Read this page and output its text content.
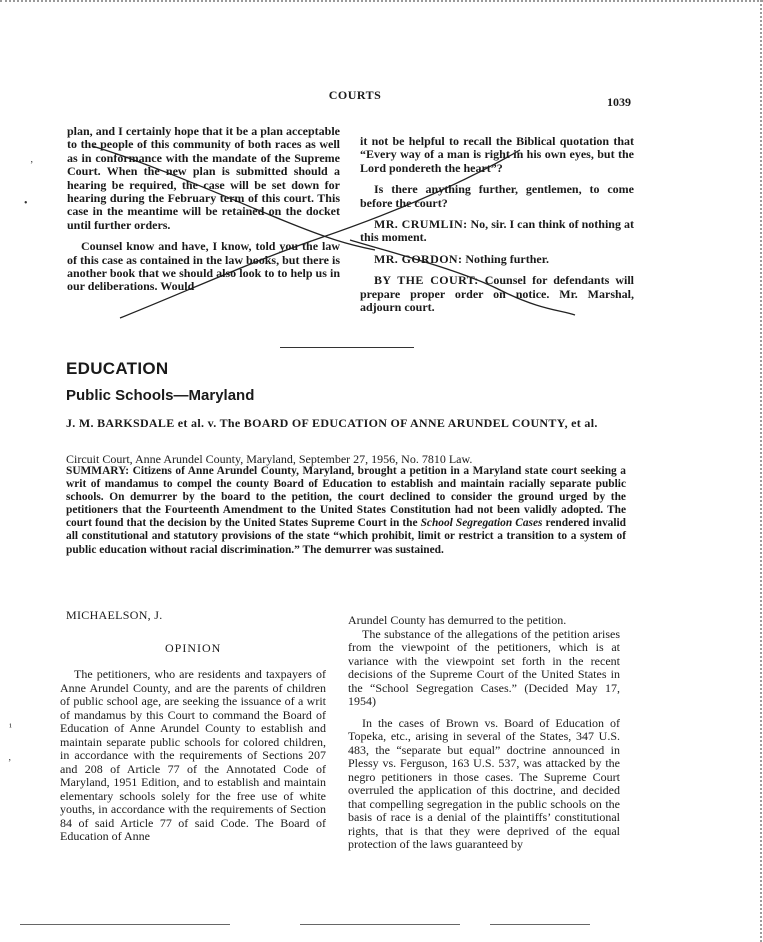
COURTS	1039

plan, and I certainly hope that it be a plan acceptable to the people of this community of both races as well as in conformance with the mandate of the Supreme Court. When the new plan is submitted should a hearing be required, the case will be set down for hearing during the February term of this court. This case in the meantime will be retained on the docket until further orders.

Counsel know and have, I know, told you the law of this case as contained in the law books, but there is another book that we should also look to to help us in our deliberations. Would

it not be helpful to recall the Biblical quotation that “Every way of a man is right in his own eyes, but the Lord pondereth the heart”?

Is there anything further, gentlemen, to come before the court?

MR. CRUMLIN: No, sir. I can think of nothing at this moment.

MR. GORDON: Nothing further.

BY THE COURT: Counsel for defendants will prepare proper order on notice. Mr. Marshal, adjourn court.

EDUCATION
Public Schools—Maryland
J. M. BARKSDALE et al. v. The BOARD OF EDUCATION OF ANNE ARUNDEL COUNTY, et al.
Circuit Court, Anne Arundel County, Maryland, September 27, 1956, No. 7810 Law.
SUMMARY: Citizens of Anne Arundel County, Maryland, brought a petition in a Maryland state court seeking a writ of mandamus to compel the county Board of Education to establish and maintain racially separate public schools. On demurrer by the board to the petition, the court declined to consider the ground urged by the petitioners that the Fourteenth Amendment to the United States Constitution had not been validly adopted. The court found that the decision by the United States Supreme Court in the School Segregation Cases rendered invalid all constitutional and statutory provisions of the state “which prohibit, limit or restrict a transition to a system of public education without racial discrimination.” The demurrer was sustained.
MICHAELSON, J.
OPINION

The petitioners, who are residents and taxpayers of Anne Arundel County, and are the parents of children of public school age, are seeking the issuance of a writ of mandamus by this Court to command the Board of Education of Anne Arundel County to establish and maintain separate public schools for colored children, in accordance with the requirements of Sections 207 and 208 of Article 77 of the Annotated Code of Maryland, 1951 Edition, and to establish and maintain elementary schools solely for the free use of white youths, in accordance with the requirements of Section 84 of said Article 77 of said Code. The Board of Education of Anne

Arundel County has demurred to the petition.

The substance of the allegations of the petition arises from the viewpoint of the petitioners, which is at variance with the viewpoint set forth in the recent decisions of the Supreme Court of the United States in the “School Segregation Cases.” (Decided May 17, 1954)

In the cases of Brown vs. Board of Education of Topeka, etc., arising in several of the States, 347 U.S. 483, the “separate but equal” doctrine announced in Plessy vs. Ferguson, 163 U.S. 537, was attacked by the negro petitioners in those cases. The Supreme Court overruled the application of this doctrine, and decided that compelling segregation in the public schools on the basis of race is a denial of the plaintiffs’ constitutional rights, that is that they were deprived of the equal protection of the laws guaranteed by

’
•
¹
’
